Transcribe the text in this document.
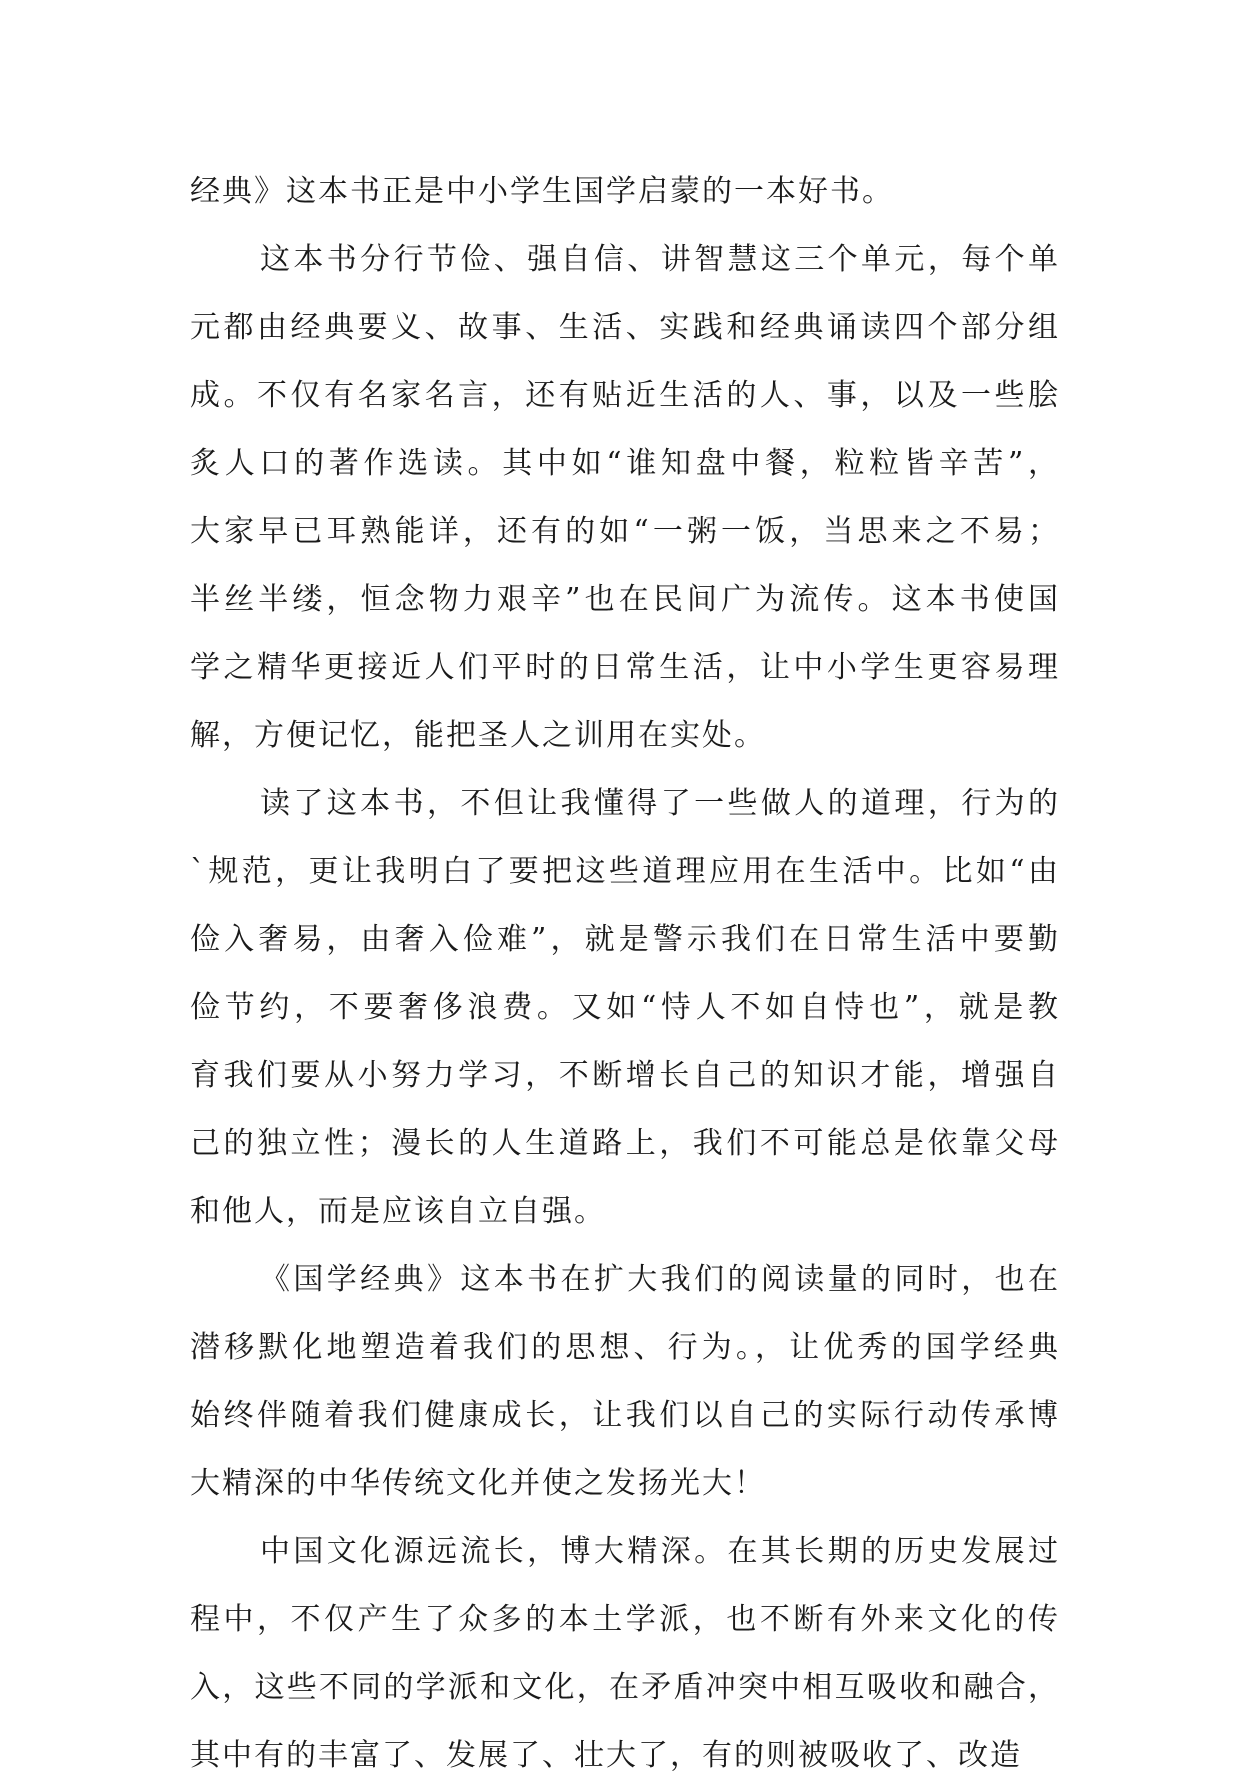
经典》这本书正是中小学生国学启蒙的一本好书。
这本书分行节俭、强自信、讲智慧这三个单元，每个单
元都由经典要义、故事、生活、实践和经典诵读四个部分组
成。不仅有名家名言，还有贴近生活的人、事，以及一些脍
炙人口的著作选读。其中如“谁知盘中餐，粒粒皆辛苦”，
大家早已耳熟能详，还有的如“一粥一饭，当思来之不易；
半丝半缕，恒念物力艰辛”也在民间广为流传。这本书使国
学之精华更接近人们平时的日常生活，让中小学生更容易理
解，方便记忆，能把圣人之训用在实处。
读了这本书，不但让我懂得了一些做人的道理，行为的
`规范，更让我明白了要把这些道理应用在生活中。比如“由
俭入奢易，由奢入俭难”，就是警示我们在日常生活中要勤
俭节约，不要奢侈浪费。又如“恃人不如自恃也”，就是教
育我们要从小努力学习，不断增长自己的知识才能，增强自
己的独立性；漫长的人生道路上，我们不可能总是依靠父母
和他人，而是应该自立自强。
《国学经典》这本书在扩大我们的阅读量的同时，也在
潜移默化地塑造着我们的思想、行为。，让优秀的国学经典
始终伴随着我们健康成长，让我们以自己的实际行动传承博
大精深的中华传统文化并使之发扬光大！
中国文化源远流长，博大精深。在其长期的历史发展过
程中，不仅产生了众多的本土学派，也不断有外来文化的传
入，这些不同的学派和文化，在矛盾冲突中相互吸收和融合，
其中有的丰富了、发展了、壮大了，有的则被吸收了、改造
